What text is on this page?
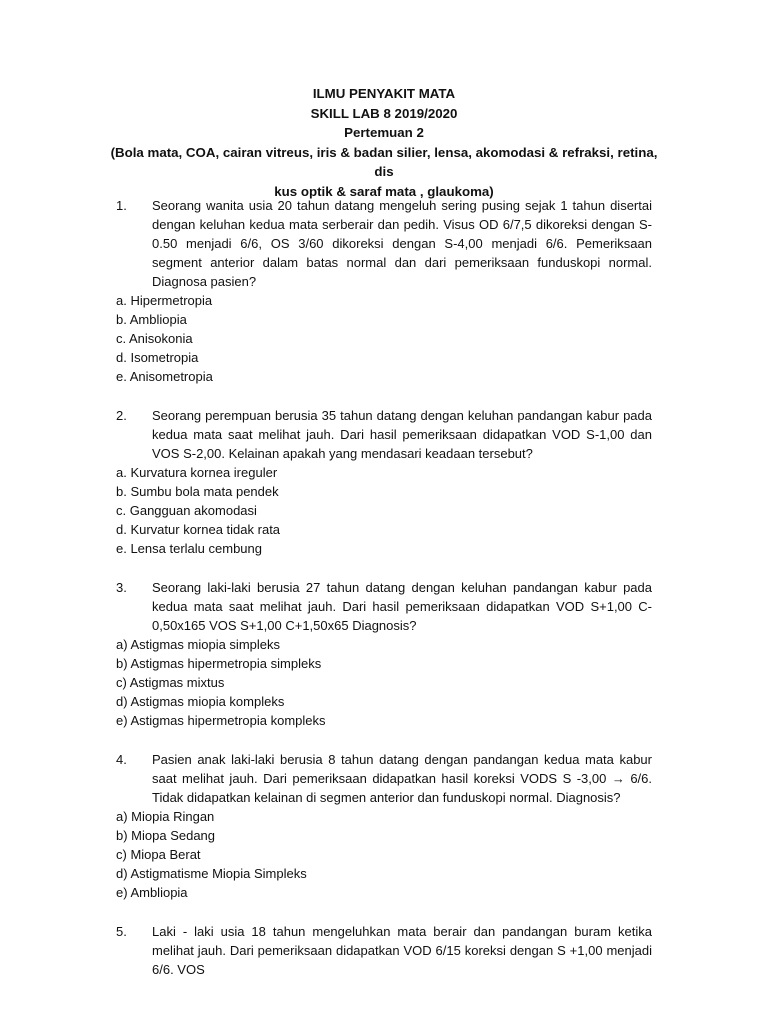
ILMU PENYAKIT MATA
SKILL LAB 8 2019/2020
Pertemuan 2
(Bola mata, COA, cairan vitreus, iris & badan silier, lensa, akomodasi & refraksi, retina, dis
kus optik & saraf mata , glaukoma)
1.	Seorang wanita usia 20 tahun datang mengeluh sering pusing sejak 1 tahun disertai dengan keluhan kedua mata serberair dan pedih. Visus OD 6/7,5 dikoreksi dengan S-0.50 menjadi 6/6, OS 3/60 dikoreksi dengan S-4,00 menjadi 6/6. Pemeriksaan segment anterior dalam batas normal dan dari pemeriksaan funduskopi normal. Diagnosa pasien?
a. Hipermetropia
b. Ambliopia
c. Anisokonia
d. Isometropia
e. Anisometropia
2.	Seorang perempuan berusia 35 tahun datang dengan keluhan pandangan kabur pada kedua mata saat melihat jauh. Dari hasil pemeriksaan didapatkan VOD S-1,00 dan VOS S-2,00. Kelainan apakah yang mendasari keadaan tersebut?
a. Kurvatura kornea ireguler
b. Sumbu bola mata pendek
c. Gangguan akomodasi
d. Kurvatur kornea tidak rata
e. Lensa terlalu cembung
3.	Seorang laki-laki berusia 27 tahun datang dengan keluhan pandangan kabur pada kedua mata saat melihat jauh. Dari hasil pemeriksaan didapatkan VOD S+1,00 C-0,50x165 VOS S+1,00 C+1,50x65 Diagnosis?
a) Astigmas miopia simpleks
b) Astigmas hipermetropia simpleks
c) Astigmas mixtus
d) Astigmas miopia kompleks
e) Astigmas hipermetropia kompleks
4.	Pasien anak laki-laki berusia 8 tahun datang dengan pandangan kedua mata kabur saat melihat jauh. Dari pemeriksaan didapatkan hasil koreksi VODS S -3,00 → 6/6. Tidak didapatkan kelainan di segmen anterior dan funduskopi normal. Diagnosis?
a) Miopia Ringan
b) Miopa Sedang
c) Miopa Berat
d) Astigmatisme Miopia Simpleks
e) Ambliopia
5.	Laki - laki usia 18 tahun mengeluhkan mata berair dan pandangan buram ketika melihat jauh. Dari pemeriksaan didapatkan VOD 6/15 koreksi dengan S +1,00 menjadi 6/6. VOS
